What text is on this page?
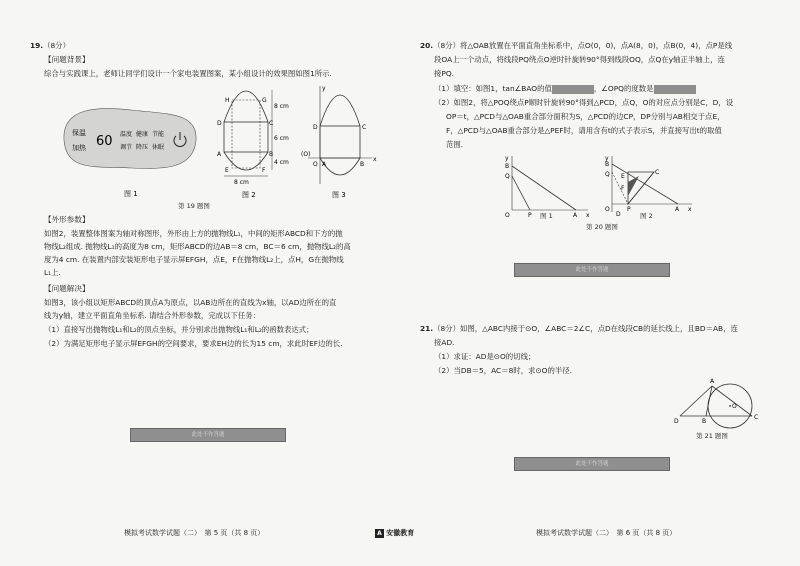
19.（8分）
【问题背景】
综合与实践课上，老师让同学们设计一个家电装置图案，某小组设计的效果图如图1所示.
保温
加热 60 温度 健康 节能
调节 降压 休眠
图 1
8 cm
6 cm
4 cm
8 cm
H	G
D	C
A	B
E	F
图 2
y
D	C
O A	B
x
(O)
图 3
第 19 题图
【外形参数】
如图2，装置整体图案为轴对称图形，外形由上方的抛物线L₁，中间的矩形ABCD和下方的抛
物线L₂组成. 抛物线L₁的高度为8 cm，矩形ABCD的边AB＝8 cm，BC＝6 cm，抛物线L₂的高
度为4 cm. 在装置内部安装矩形电子显示屏EFGH，点E，F在抛物线L₂上，点H，G在抛物线
L₁上.
【问题解决】
如图3，该小组以矩形ABCD的顶点A为原点，以AB边所在的直线为x轴，以AD边所在的直
线为y轴，建立平面直角坐标系. 请结合外形参数，完成以下任务：
（1）直接写出抛物线L₁和L₂的顶点坐标，并分别求出抛物线L₁和L₂的函数表达式；
（2）为满足矩形电子显示屏EFGH的空间要求，要求EH边的长为15 cm，求此时EF边的长.
此处不作答题
模拟考试数学试题（二）　第 5 页（共 8 页）
20.（8分）将△OAB放置在平面直角坐标系中，点O(0，0)，点A(8，0)，点B(0，4)，点P是线
段OA上一个动点，将线段PQ绕点O逆时针旋转90°得到线段OQ，点Q在y轴正半轴上，连
接PQ.
（1）填空：如图1，tan∠BAO的值	，∠OPQ的度数是
（2）如图2，将△POQ绕点P顺时针旋转90°得到△PCD，点Q，O的对应点分别是C，D，设
OP＝t，△PCD与△OAB重合部分面积为S，△PCD的边CP，DP分别与AB相交于点E，
F，△PCD与△OAB重合部分是△PEF时，请用含有t的式子表示S，并直接写出t的取值
范围.
y
B
Q
O	P	A x
图 1
y
B
Q E
C
F
O	P	A x
D	图 2
第 20 题图
此处不作答题
21.（8分）如图，△ABC内接于⊙O，∠ABC＝2∠C，点D在线段CB的延长线上，且BD＝AB，连
接AD.
（1）求证：AD是⊙O的切线；
（2）当DB＝5，AC＝8时，求⊙O的半径.
A
D	B
O
C
第 21 题图
此处不作答题
模拟考试数学试题（二）　第 6 页（共 8 页）
A 安徽教育
